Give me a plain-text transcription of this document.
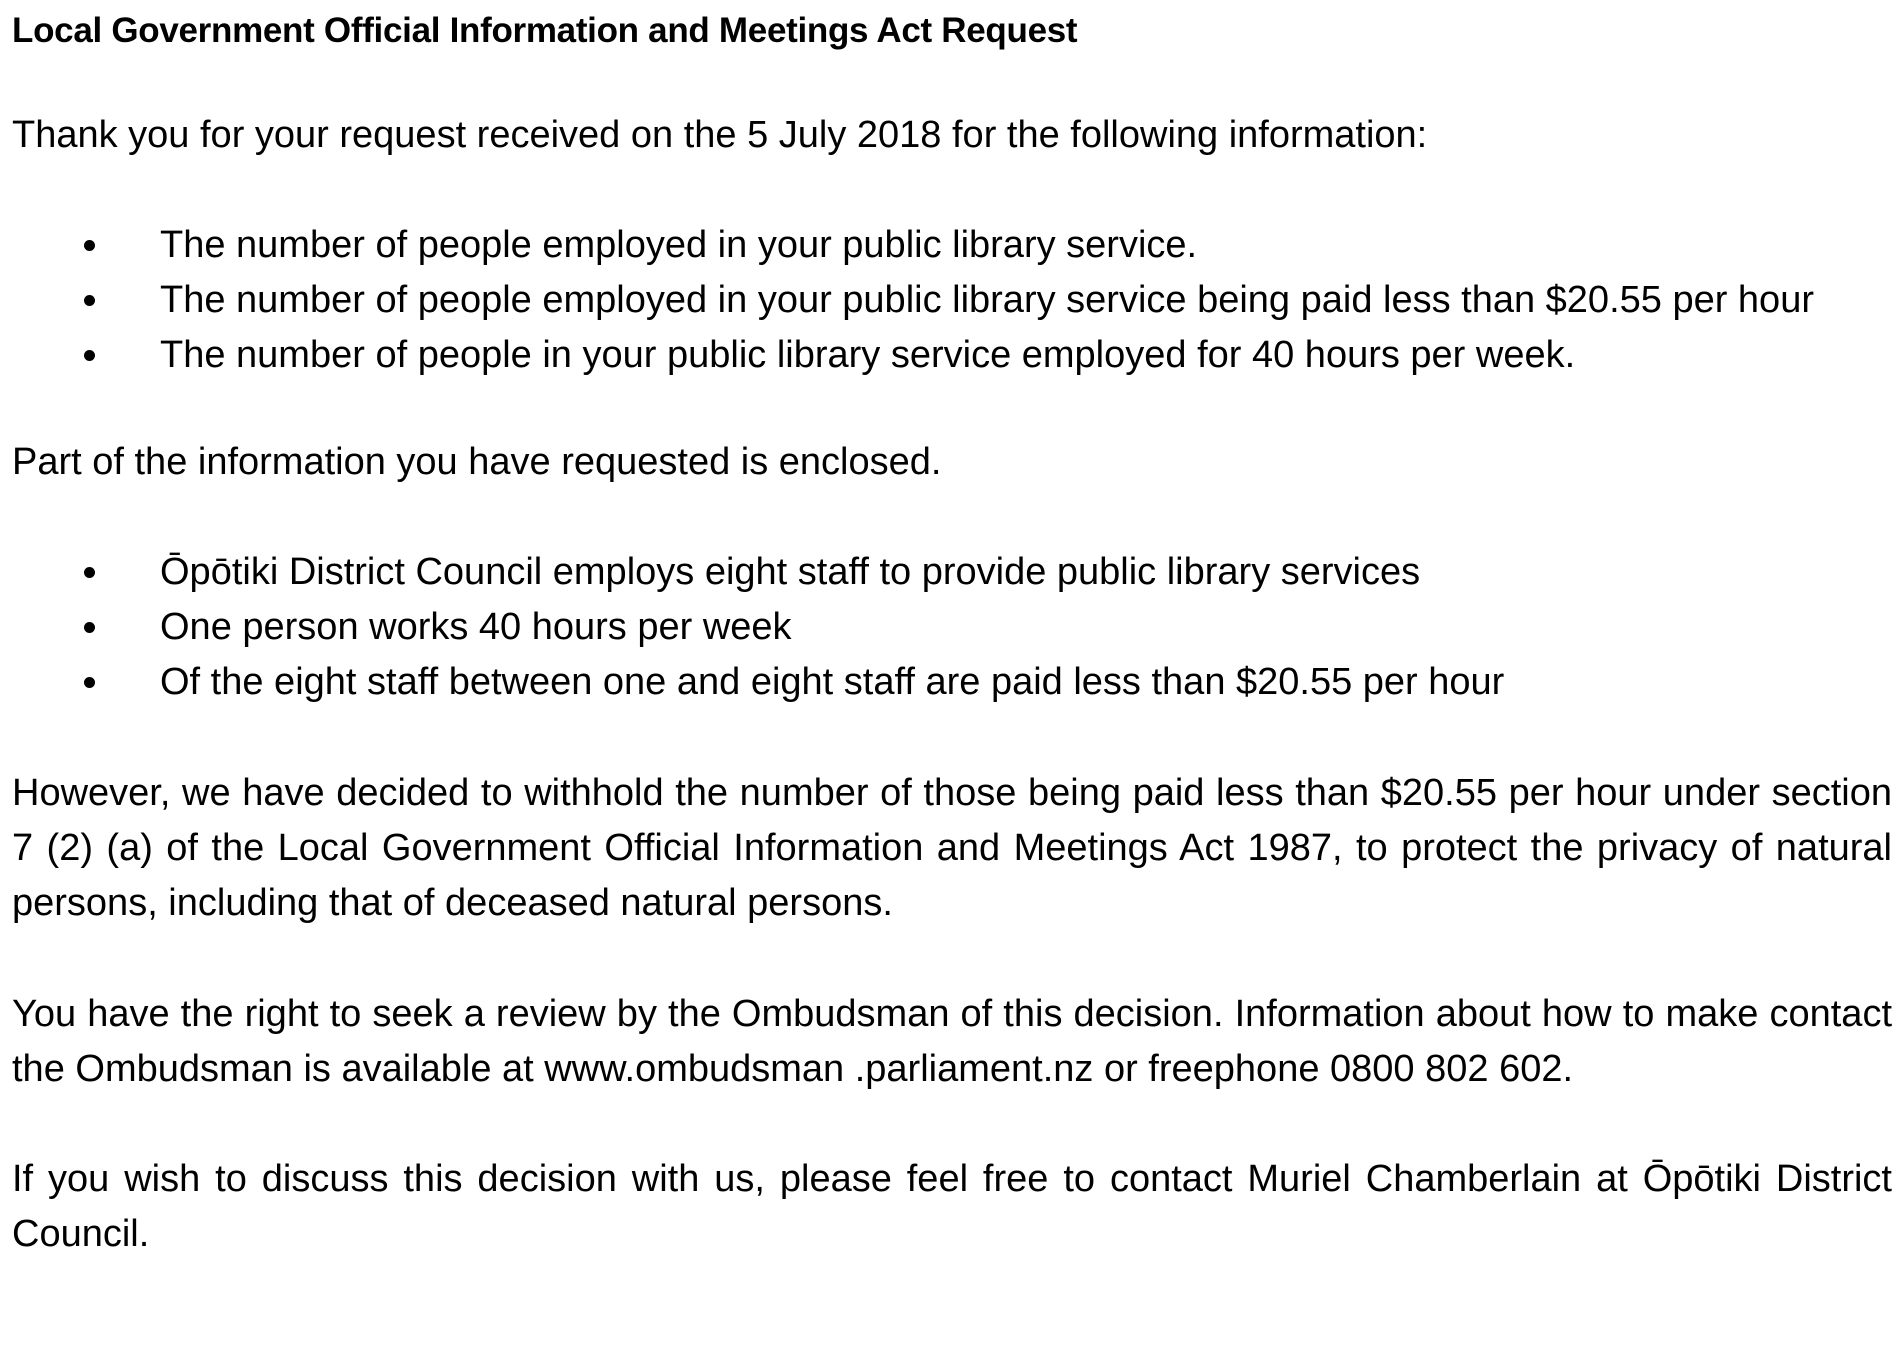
Local Government Official Information and Meetings Act Request

Thank you for your request received on the 5 July 2018 for the following information:

The number of people employed in your public library service.
The number of people employed in your public library service being paid less than $20.55 per hour
The number of people in your public library service employed for 40 hours per week.

Part of the information you have requested is enclosed.

Ōpōtiki District Council employs eight staff to provide public library services
One person works 40 hours per week
Of the eight staff between one and eight staff are paid less than $20.55 per hour

However, we have decided to withhold the number of those being paid less than $20.55 per hour under section 7 (2) (a) of the Local Government Official Information and Meetings Act 1987, to protect the privacy of natural persons, including that of deceased natural persons.

You have the right to seek a review by the Ombudsman of this decision. Information about how to make contact the Ombudsman is available at www.ombudsman .parliament.nz or freephone 0800 802 602.

If you wish to discuss this decision with us, please feel free to contact Muriel Chamberlain at Ōpōtiki District Council.
